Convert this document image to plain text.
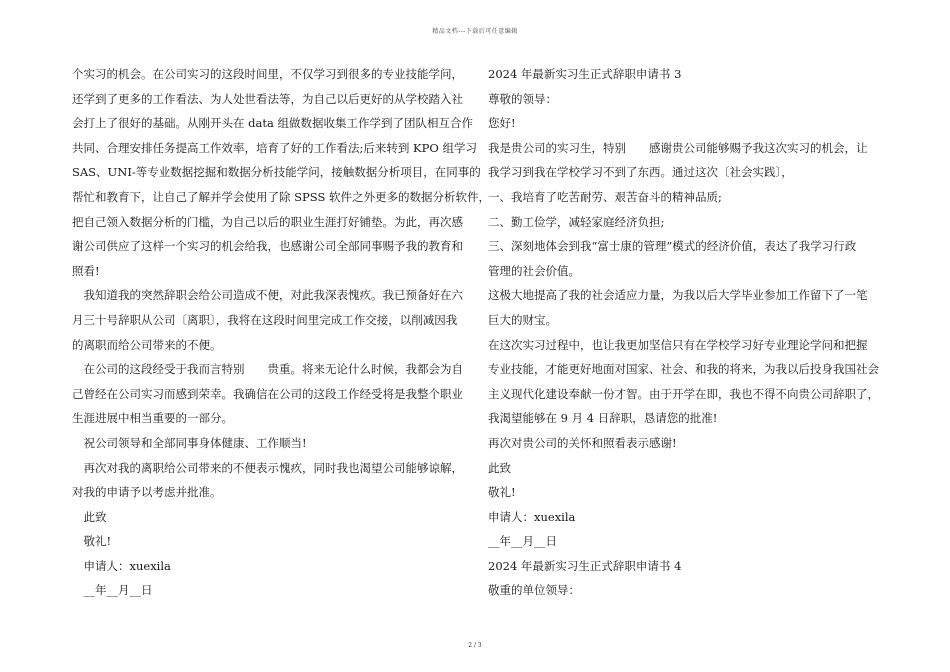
精品文档---下载后可任意编辑
个实习的机会。在公司实习的这段时间里，不仅学习到很多的专业技能学问，
还学到了更多的工作看法、为人处世看法等，为自己以后更好的从学校踏入社
会打上了很好的基础。从刚开头在 data 组做数据收集工作学到了团队相互合作
共同、合理安排任务提高工作效率，培育了好的工作看法;后来转到 KPO 组学习
SAS、UNI-等专业数据挖掘和数据分析技能学问，接触数据分析项目，在同事的
帮忙和教育下，让自己了解并学会使用了除 SPSS 软件之外更多的数据分析软件，
把自己领入数据分析的门槛，为自己以后的职业生涯打好铺垫。为此，再次感
谢公司供应了这样一个实习的机会给我，也感谢公司全部同事赐予我的教育和
照看!
　我知道我的突然辞职会给公司造成不便，对此我深表愧疚。我已预备好在六
月三十号辞职从公司〔离职〕，我将在这段时间里完成工作交接，以削减因我
的离职而给公司带来的不便。
　在公司的这段经受于我而言特别　　贵重。将来无论什么时候，我都会为自
己曾经在公司实习而感到荣幸。我确信在公司的这段工作经受将是我整个职业
生涯进展中相当重要的一部分。
　祝公司领导和全部同事身体健康、工作顺当!
　再次对我的离职给公司带来的不便表示愧疚，同时我也渴望公司能够谅解，
对我的申请予以考虑并批准。
　此致
　敬礼!
　申请人：xuexila
　__年__月__日
2024 年最新实习生正式辞职申请书 3
尊敬的领导：
您好!
我是贵公司的实习生，特别　　感谢贵公司能够赐予我这次实习的机会，让
我学习到我在学校学习不到了东西。通过这次〔社会实践〕，
一、我培育了吃苦耐劳、艰苦奋斗的精神品质;
二、勤工俭学，减轻家庭经济负担;
三、深刻地体会到我“富士康的管理”模式的经济价值，表达了我学习行政
管理的社会价值。
这极大地提高了我的社会适应力量，为我以后大学毕业参加工作留下了一笔
巨大的财宝。
在这次实习过程中，也让我更加坚信只有在学校学习好专业理论学问和把握
专业技能，才能更好地面对国家、社会、和我的将来，为我以后投身我国社会
主义现代化建设奉献一份才智。由于开学在即，我也不得不向贵公司辞职了，
我渴望能够在 9 月 4 日辞职，恳请您的批准!
再次对贵公司的关怀和照看表示感谢!
此致
敬礼!
申请人：xuexila
__年__月__日
2024 年最新实习生正式辞职申请书 4
敬重的单位领导：
2 / 3
